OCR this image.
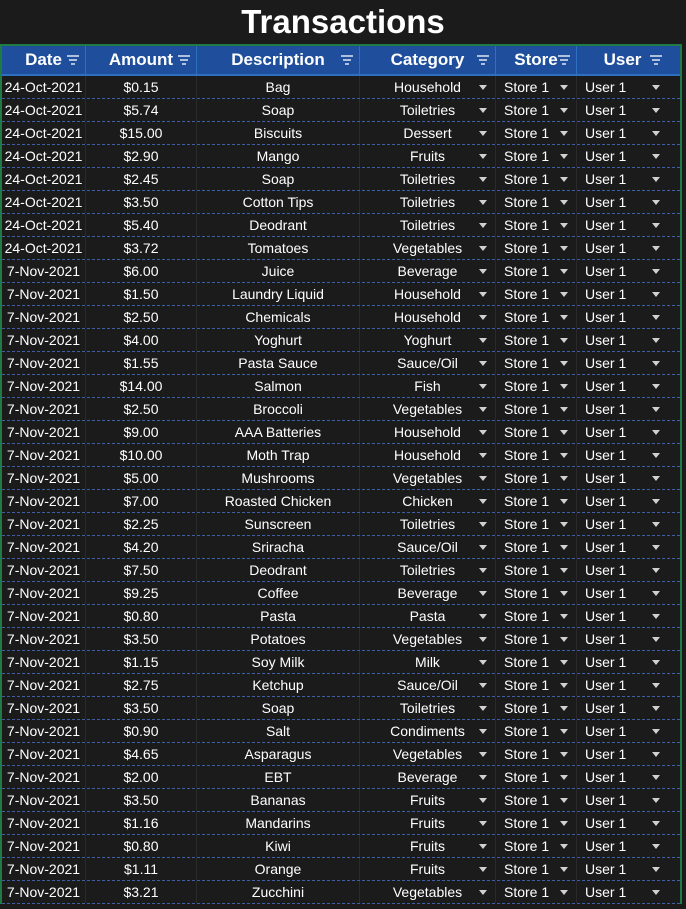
Transactions
Date	Amount	Description	Category	Store	User
24-Oct-2021	$0.15	Bag	Household	Store 1	User 1
24-Oct-2021	$5.74	Soap	Toiletries	Store 1	User 1
24-Oct-2021	$15.00	Biscuits	Dessert	Store 1	User 1
24-Oct-2021	$2.90	Mango	Fruits	Store 1	User 1
24-Oct-2021	$2.45	Soap	Toiletries	Store 1	User 1
24-Oct-2021	$3.50	Cotton Tips	Toiletries	Store 1	User 1
24-Oct-2021	$5.40	Deodrant	Toiletries	Store 1	User 1
24-Oct-2021	$3.72	Tomatoes	Vegetables	Store 1	User 1
7-Nov-2021	$6.00	Juice	Beverage	Store 1	User 1
7-Nov-2021	$1.50	Laundry Liquid	Household	Store 1	User 1
7-Nov-2021	$2.50	Chemicals	Household	Store 1	User 1
7-Nov-2021	$4.00	Yoghurt	Yoghurt	Store 1	User 1
7-Nov-2021	$1.55	Pasta Sauce	Sauce/Oil	Store 1	User 1
7-Nov-2021	$14.00	Salmon	Fish	Store 1	User 1
7-Nov-2021	$2.50	Broccoli	Vegetables	Store 1	User 1
7-Nov-2021	$9.00	AAA Batteries	Household	Store 1	User 1
7-Nov-2021	$10.00	Moth Trap	Household	Store 1	User 1
7-Nov-2021	$5.00	Mushrooms	Vegetables	Store 1	User 1
7-Nov-2021	$7.00	Roasted Chicken	Chicken	Store 1	User 1
7-Nov-2021	$2.25	Sunscreen	Toiletries	Store 1	User 1
7-Nov-2021	$4.20	Sriracha	Sauce/Oil	Store 1	User 1
7-Nov-2021	$7.50	Deodrant	Toiletries	Store 1	User 1
7-Nov-2021	$9.25	Coffee	Beverage	Store 1	User 1
7-Nov-2021	$0.80	Pasta	Pasta	Store 1	User 1
7-Nov-2021	$3.50	Potatoes	Vegetables	Store 1	User 1
7-Nov-2021	$1.15	Soy Milk	Milk	Store 1	User 1
7-Nov-2021	$2.75	Ketchup	Sauce/Oil	Store 1	User 1
7-Nov-2021	$3.50	Soap	Toiletries	Store 1	User 1
7-Nov-2021	$0.90	Salt	Condiments	Store 1	User 1
7-Nov-2021	$4.65	Asparagus	Vegetables	Store 1	User 1
7-Nov-2021	$2.00	EBT	Beverage	Store 1	User 1
7-Nov-2021	$3.50	Bananas	Fruits	Store 1	User 1
7-Nov-2021	$1.16	Mandarins	Fruits	Store 1	User 1
7-Nov-2021	$0.80	Kiwi	Fruits	Store 1	User 1
7-Nov-2021	$1.11	Orange	Fruits	Store 1	User 1
7-Nov-2021	$3.21	Zucchini	Vegetables	Store 1	User 1
